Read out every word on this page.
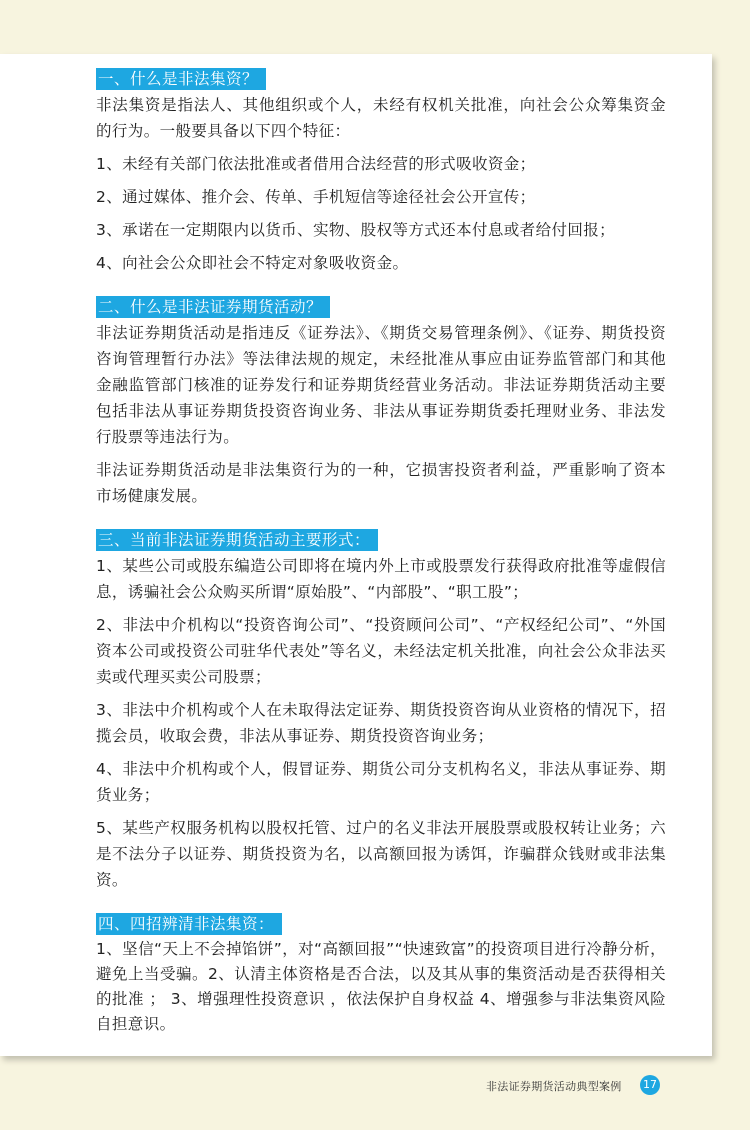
一、什么是非法集资？

非法集资是指法人、其他组织或个人，未经有权机关批准，向社会公众筹集资金的行为。一般要具备以下四个特征：

1、未经有关部门依法批准或者借用合法经营的形式吸收资金；

2、通过媒体、推介会、传单、手机短信等途径社会公开宣传；

3、承诺在一定期限内以货币、实物、股权等方式还本付息或者给付回报；

4、向社会公众即社会不特定对象吸收资金。

二、什么是非法证券期货活动？

非法证券期货活动是指违反《证券法》、《期货交易管理条例》、《证券、期货投资咨询管理暂行办法》等法律法规的规定，未经批准从事应由证券监管部门和其他金融监管部门核准的证券发行和证券期货经营业务活动。非法证券期货活动主要包括非法从事证券期货投资咨询业务、非法从事证券期货委托理财业务、非法发行股票等违法行为。

非法证券期货活动是非法集资行为的一种，它损害投资者利益，严重影响了资本市场健康发展。

三、当前非法证券期货活动主要形式：

1、某些公司或股东编造公司即将在境内外上市或股票发行获得政府批准等虚假信息，诱骗社会公众购买所谓“原始股”、“内部股”、“职工股”；

2、非法中介机构以“投资咨询公司”、“投资顾问公司”、“产权经纪公司”、“外国资本公司或投资公司驻华代表处”等名义，未经法定机关批准，向社会公众非法买卖或代理买卖公司股票；

3、非法中介机构或个人在未取得法定证券、期货投资咨询从业资格的情况下，招揽会员，收取会费，非法从事证券、期货投资咨询业务；

4、非法中介机构或个人，假冒证券、期货公司分支机构名义，非法从事证券、期货业务；

5、某些产权服务机构以股权托管、过户的名义非法开展股票或股权转让业务；六是不法分子以证券、期货投资为名，以高额回报为诱饵，诈骗群众钱财或非法集资。

四、四招辨清非法集资：

1、坚信“天上不会掉馅饼”，对“高额回报”“快速致富”的投资项目进行冷静分析，避免上当受骗。2、认清主体资格是否合法，以及其从事的集资活动是否获得相关的批准 ； 3、增强理性投资意识 ，依法保护自身权益 4、增强参与非法集资风险自担意识。

非法证券期货活动典型案例 17
